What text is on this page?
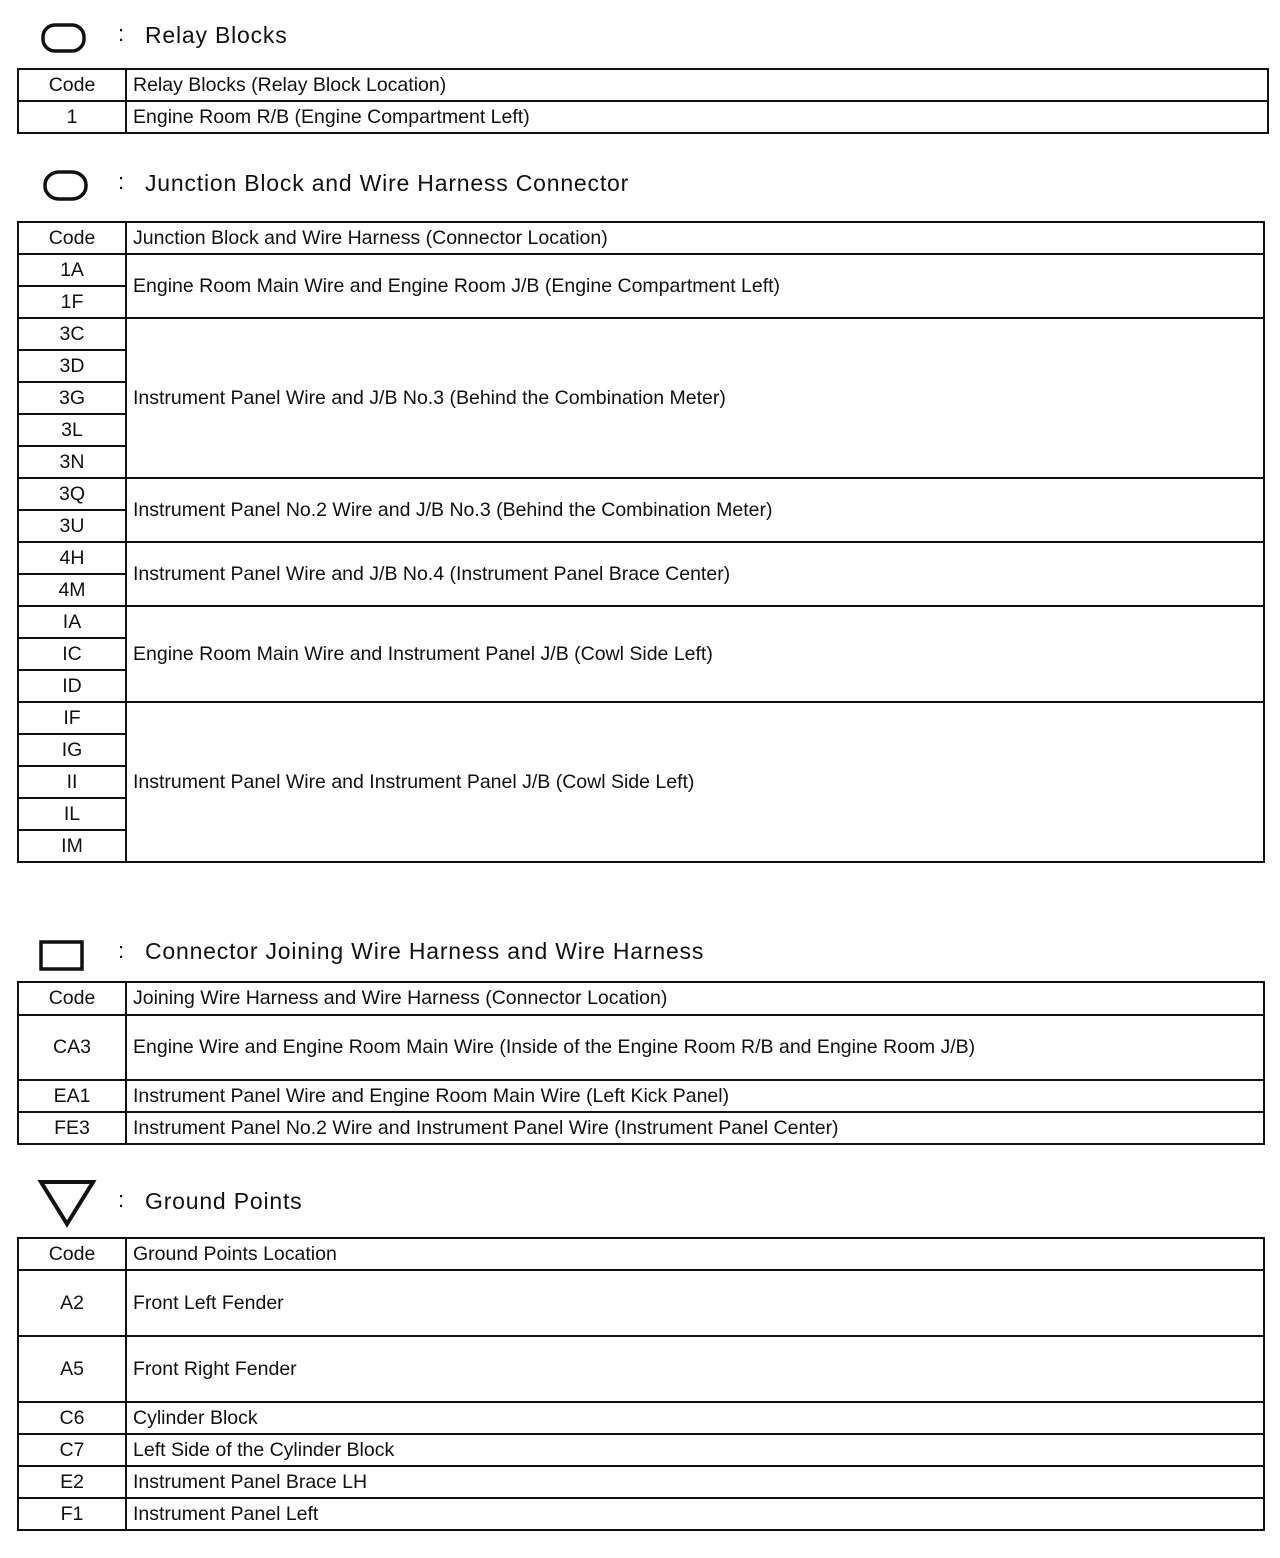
: Relay Blocks
Code	Relay Blocks (Relay Block Location)
1	Engine Room R/B (Engine Compartment Left)
: Junction Block and Wire Harness Connector
Code	Junction Block and Wire Harness (Connector Location)
1A	Engine Room Main Wire and Engine Room J/B (Engine Compartment Left)
1F	
3C	Instrument Panel Wire and J/B No.3 (Behind the Combination Meter)
3D	
3G	
3L	
3N	
3Q	Instrument Panel No.2 Wire and J/B No.3 (Behind the Combination Meter)
3U	
4H	Instrument Panel Wire and J/B No.4 (Instrument Panel Brace Center)
4M	
IA	Engine Room Main Wire and Instrument Panel J/B (Cowl Side Left)
IC	
ID	
IF	Instrument Panel Wire and Instrument Panel J/B (Cowl Side Left)
IG	
II	
IL	
IM	
: Connector Joining Wire Harness and Wire Harness
Code	Joining Wire Harness and Wire Harness (Connector Location)
CA3	Engine Wire and Engine Room Main Wire (Inside of the Engine Room R/B and Engine Room J/B)
EA1	Instrument Panel Wire and Engine Room Main Wire (Left Kick Panel)
FE3	Instrument Panel No.2 Wire and Instrument Panel Wire (Instrument Panel Center)
: Ground Points
Code	Ground Points Location
A2	Front Left Fender
A5	Front Right Fender
C6	Cylinder Block
C7	Left Side of the Cylinder Block
E2	Instrument Panel Brace LH
F1	Instrument Panel Left
